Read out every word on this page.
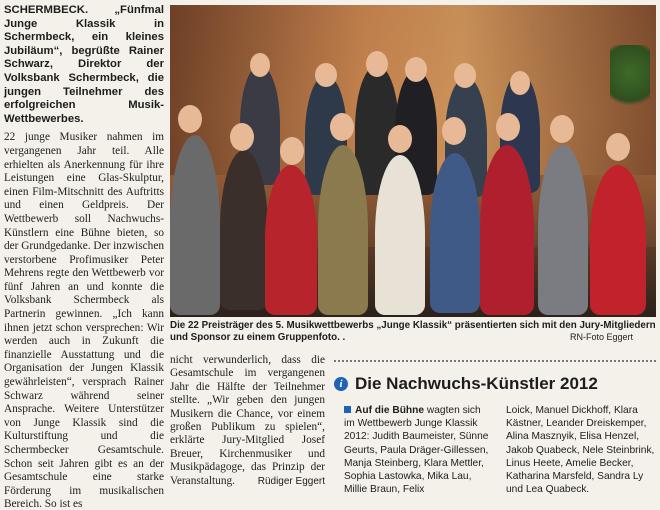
SCHERMBECK. „Fünfmal Junge Klassik in Schermbeck, ein kleines Jubiläum“, begrüßte Rainer Schwarz, Direktor der Volksbank Schermbeck, die jungen Teilnehmer des erfolgreichen Musik-Wettbewerbes.

22 junge Musiker nahmen im vergangenen Jahr teil. Alle erhielten als Anerkennung für ihre Leistungen eine Glas-Skulptur, einen Film-Mitschnitt des Auftritts und einen Geldpreis. Der Wettbewerb soll Nachwuchs-Künstlern eine Bühne bieten, so der Grundgedanke. Der inzwischen verstorbene Profimusiker Peter Mehrens regte den Wettbewerb vor fünf Jahren an und konnte die Volksbank Schermbeck als Partnerin gewinnen. „Ich kann ihnen jetzt schon versprechen: Wir werden auch in Zukunft die finanzielle Ausstattung und die Organisation der Jungen Klassik gewährleisten“, versprach Rainer Schwarz während seiner Ansprache. Weitere Unterstützer von Junge Klassik sind die Kulturstiftung und die Schermbecker Gesamtschule. Schon seit Jahren gibt es an der Gesamtschule eine starke Förderung im musikalischen Bereich. So ist es

Die 22 Preisträger des 5. Musikwettbewerbs „Junge Klassik“ präsentierten sich mit den Jury-Mitgliedern und Sponsor zu einem Gruppenfoto. .	RN-Foto Eggert
nicht verwunderlich, dass die Gesamtschule im vergangenen Jahr die Hälfte der Teilnehmer stellte. „Wir geben den jungen Musikern die Chance, vor einem großen Publikum zu spielen“, erklärte Jury-Mitglied Josef Breuer, Kirchenmusiker und Musikpädagoge, das Prinzip der Veranstaltung. Rüdiger Eggert
i Die Nachwuchs-Künstler 2012
Auf die Bühne wagten sich im Wettbewerb Junge Klassik 2012: Judith Baumeister, Sünne Geurts, Paula Dräger-Gillessen, Manja Steinberg, Klara Mettler, Sophia Lastowka, Mika Lau, Millie Braun, Felix
Loick, Manuel Dickhoff, Klara Kästner, Leander Dreiskemper, Alina Masznyik, Elisa Henzel, Jakob Quabeck, Nele Steinbrink, Linus Heete, Amelie Becker, Katharina Marsfeld, Sandra Ly und Lea Quabeck.
